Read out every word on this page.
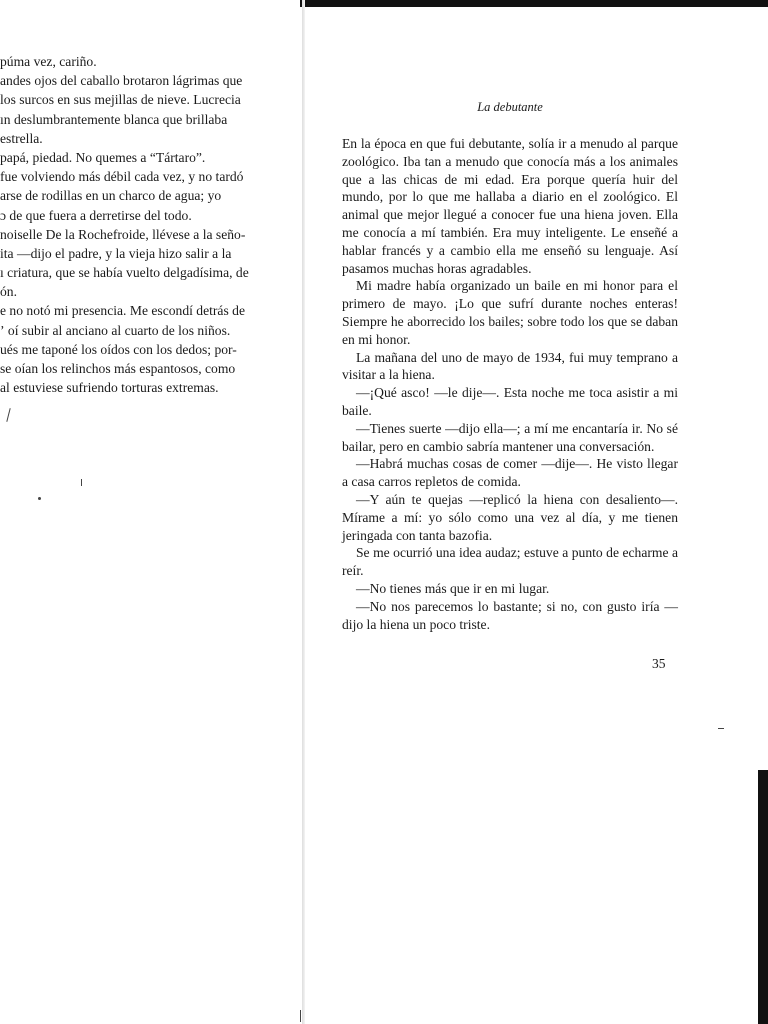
púma vez, cariño.
andes ojos del caballo brotaron lágrimas que
los surcos en sus mejillas de nieve. Lucrecia
ın deslumbrantemente blanca que brillaba
estrella.
papá, piedad. No quemes a “Tártaro”.
fue volviendo más débil cada vez, y no tardó
arse de rodillas en un charco de agua; yo
ɔ de que fuera a derretirse del todo.
noiselle De la Rochefroide, llévese a la seño-
ita —dijo el padre, y la vieja hizo salir a la
ı criatura, que se había vuelto delgadísima, de
ón.
e no notó mi presencia. Me escondí detrás de
ʼ oí subir al anciano al cuarto de los niños.
ués me taponé los oídos con los dedos; por-
se oían los relinchos más espantosos, como
al estuviese sufriendo torturas extremas.
La debutante

En la época en que fui debutante, solía ir a menudo al parque zoológico. Iba tan a menudo que conocía más a los animales que a las chicas de mi edad. Era porque quería huir del mundo, por lo que me hallaba a diario en el zoológico. El animal que mejor llegué a conocer fue una hiena joven. Ella me conocía a mí también. Era muy inteligente. Le enseñé a hablar francés y a cambio ella me enseñó su lenguaje. Así pasamos muchas horas agradables.

Mi madre había organizado un baile en mi honor para el primero de mayo. ¡Lo que sufrí durante noches enteras! Siempre he aborrecido los bailes; sobre todo los que se daban en mi honor.

La mañana del uno de mayo de 1934, fui muy temprano a visitar a la hiena.

—¡Qué asco! —le dije—. Esta noche me toca asistir a mi baile.

—Tienes suerte —dijo ella—; a mí me encantaría ir. No sé bailar, pero en cambio sabría mantener una conversación.

—Habrá muchas cosas de comer —dije—. He visto llegar a casa carros repletos de comida.

—Y aún te quejas —replicó la hiena con desaliento—. Mírame a mí: yo sólo como una vez al día, y me tienen jeringada con tanta bazofia.

Se me ocurrió una idea audaz; estuve a punto de echarme a reír.

—No tienes más que ir en mi lugar.

—No nos parecemos lo bastante; si no, con gusto iría —dijo la hiena un poco triste.

35
